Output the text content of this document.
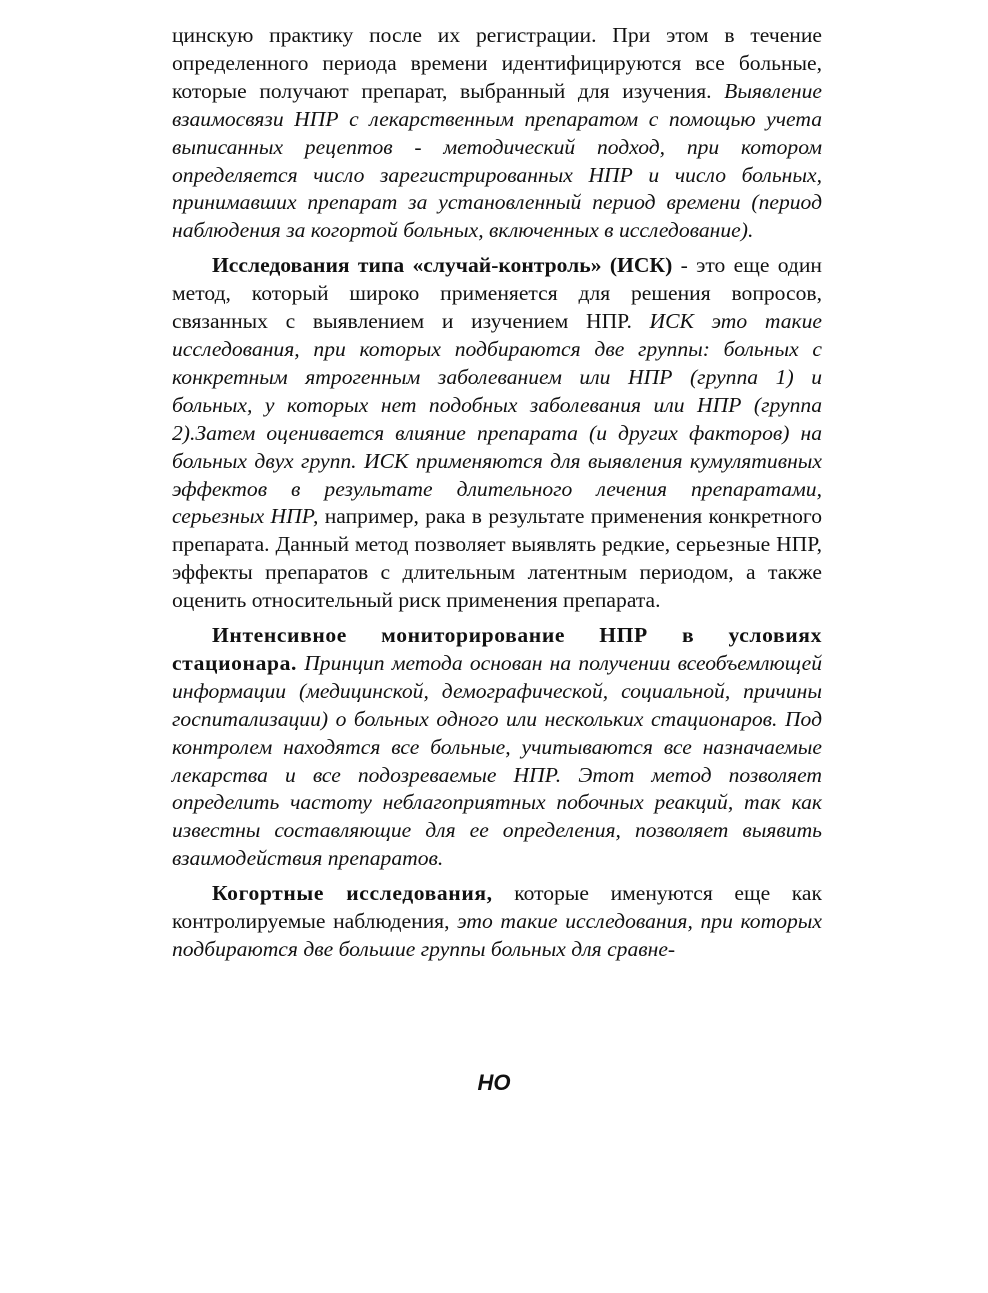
цинскую практику после их регистрации. При этом в течение определенного периода времени идентифицируются все больные, которые получают препарат, выбранный для изучения. Выявление взаимосвязи НПР с лекарственным препаратом с помощью учета выписанных рецептов - методический подход, при котором определяется число зарегистрированных НПР и число больных, принимавших препарат за установленный период времени (период наблюдения за когортой больных, включенных в исследование).

Исследования типа «случай-контроль» (ИСК) - это еще один метод, который широко применяется для решения вопросов, связанных с выявлением и изучением НПР. ИСК это такие исследования, при которых подбираются две группы: больных с конкретным ятрогенным заболеванием или НПР (группа 1) и больных, у которых нет подобных заболевания или НПР (группа 2).Затем оценивается влияние препарата (и других факторов) на больных двух групп. ИСК применяются для выявления кумулятивных эффектов в результате длительного лечения препаратами, серьезных НПР, например, рака в результате применения конкретного препарата. Данный метод позволяет выявлять редкие, серьезные НПР, эффекты препаратов с длительным латентным периодом, а также оценить относительный риск применения препарата.

Интенсивное мониторирование НПР в условиях стационара. Принцип метода основан на получении всеобъемлющей информации (медицинской, демографической, социальной, причины госпитализации) о больных одного или нескольких стационаров. Под контролем находятся все больные, учитываются все назначаемые лекарства и все подозреваемые НПР. Этот метод позволяет определить частоту неблагоприятных побочных реакций, так как известны составляющие для ее определения, позволяет выявить взаимодействия препаратов.

Когортные исследования, которые именуются еще как контролируемые наблюдения, это такие исследования, при которых подбираются две большие группы больных для сравне-

НО
